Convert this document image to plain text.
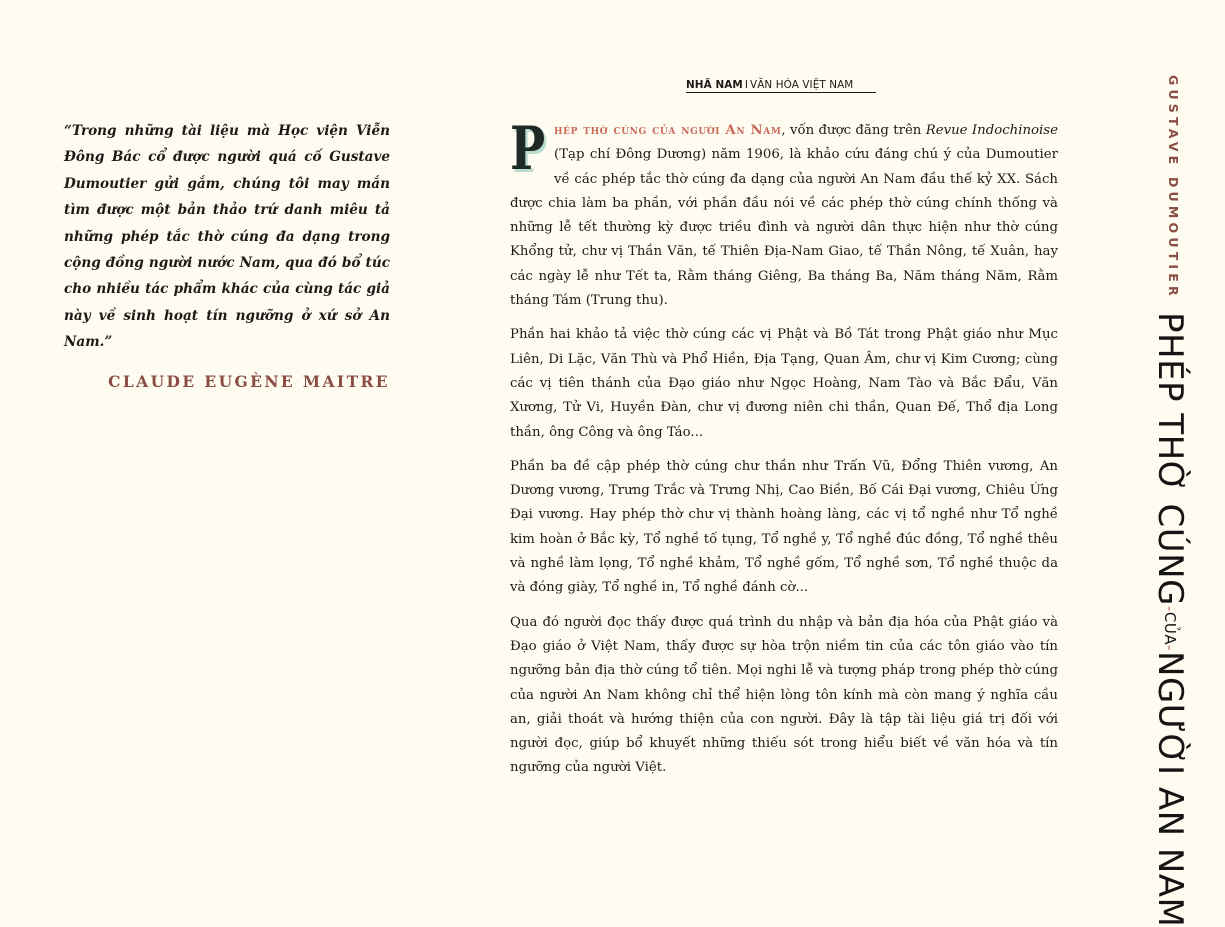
“Trong những tài liệu mà Học viện Viễn Đông Bác cổ được người quá cố Gustave Dumoutier gửi gắm, chúng tôi may mắn tìm được một bản thảo trứ danh miêu tả những phép tắc thờ cúng đa dạng trong cộng đồng người nước Nam, qua đó bổ túc cho nhiều tác phẩm khác của cùng tác giả này về sinh hoạt tín ngưỡng ở xứ sở An Nam.”

CLAUDE EUGÈNE MAITRE
NHÃ NAM I VĂN HÓA VIỆT NAM

Phép thờ cúng của người An Nam, vốn được đăng trên Revue Indochinoise (Tạp chí Đông Dương) năm 1906, là khảo cứu đáng chú ý của Dumoutier về các phép tắc thờ cúng đa dạng của người An Nam đầu thế kỷ XX. Sách được chia làm ba phần, với phần đầu nói về các phép thờ cúng chính thống và những lễ tết thường kỳ được triều đình và người dân thực hiện như thờ cúng Khổng tử, chư vị Thần Văn, tế Thiên Địa-Nam Giao, tế Thần Nông, tế Xuân, hay các ngày lễ như Tết ta, Rằm tháng Giêng, Ba tháng Ba, Năm tháng Năm, Rằm tháng Tám (Trung thu).

Phần hai khảo tả việc thờ cúng các vị Phật và Bồ Tát trong Phật giáo như Mục Liên, Di Lặc, Văn Thù và Phổ Hiền, Địa Tạng, Quan Âm, chư vị Kim Cương; cùng các vị tiên thánh của Đạo giáo như Ngọc Hoàng, Nam Tào và Bắc Đẩu, Văn Xương, Tử Vi, Huyền Đàn, chư vị đương niên chi thần, Quan Đế, Thổ địa Long thần, ông Công và ông Táo...

Phần ba đề cập phép thờ cúng chư thần như Trấn Vũ, Đổng Thiên vương, An Dương vương, Trưng Trắc và Trưng Nhị, Cao Biền, Bố Cái Đại vương, Chiêu Ứng Đại vương. Hay phép thờ chư vị thành hoàng làng, các vị tổ nghề như Tổ nghề kim hoàn ở Bắc kỳ, Tổ nghề tố tụng, Tổ nghề y, Tổ nghề đúc đồng, Tổ nghề thêu và nghề làm lọng, Tổ nghề khảm, Tổ nghề gốm, Tổ nghề sơn, Tổ nghề thuộc da và đóng giày, Tổ nghề in, Tổ nghề đánh cờ...

Qua đó người đọc thấy được quá trình du nhập và bản địa hóa của Phật giáo và Đạo giáo ở Việt Nam, thấy được sự hòa trộn niềm tin của các tôn giáo vào tín ngưỡng bản địa thờ cúng tổ tiên. Mọi nghi lễ và tượng pháp trong phép thờ cúng của người An Nam không chỉ thể hiện lòng tôn kính mà còn mang ý nghĩa cầu an, giải thoát và hướng thiện của con người. Đây là tập tài liệu giá trị đối với người đọc, giúp bổ khuyết những thiếu sót trong hiểu biết về văn hóa và tín ngưỡng của người Việt.

GUSTAVE DUMOUTIER
PHÉP THỜ CÚNG-CỦA-NGƯỜI AN NAM
